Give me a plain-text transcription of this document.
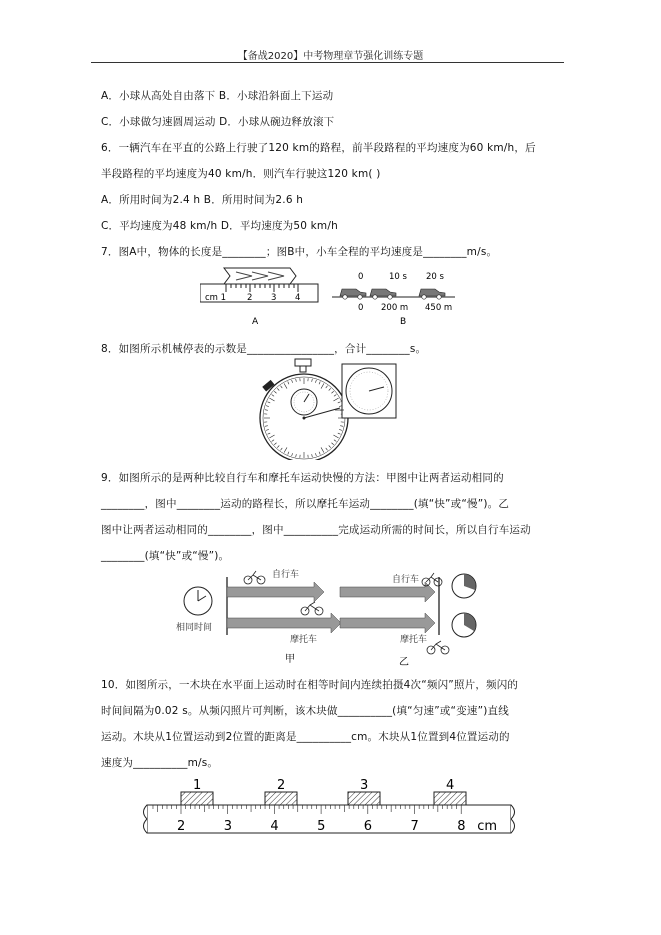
【备战2020】中考物理章节强化训练专题
A．小球从高处自由落下 B．小球沿斜面上下运动
C．小球做匀速圆周运动 D．小球从碗边释放滚下
6．一辆汽车在平直的公路上行驶了120 km的路程，前半段路程的平均速度为60 km/h，后
半段路程的平均速度为40 km/h．则汽车行驶这120 km( )
A．所用时间为2.4 h B．所用时间为2.6 h
C．平均速度为48 km/h D．平均速度为50 km/h
7．图A中，物体的长度是________；图B中，小车全程的平均速度是________m/s。
cm 1 2 3 4
A
0	10 s 20 s
0 200 m 450 m
B
8．如图所示机械停表的示数是________________，合计________s。
9．如图所示的是两种比较自行车和摩托车运动快慢的方法：甲图中让两者运动相同的
________，图中________运动的路程长，所以摩托车运动________(填“快”或“慢”)。乙
图中让两者运动相同的________，图中__________完成运动所需的时间长，所以自行车运动
________(填“快”或“慢”)。
相同时间
自行车
摩托车
甲
自行车
摩托车
乙
10．如图所示，一木块在水平面上运动时在相等时间内连续拍摄4次“频闪”照片，频闪的
时间间隔为0.02 s。从频闪照片可判断，该木块做__________(填“匀速”或“变速”)直线
运动。木块从1位置运动到2位置的距离是__________cm。木块从1位置到4位置运动的
速度为__________m/s。
1	2	3	4
2	3	4	5	6	7	8 cm
